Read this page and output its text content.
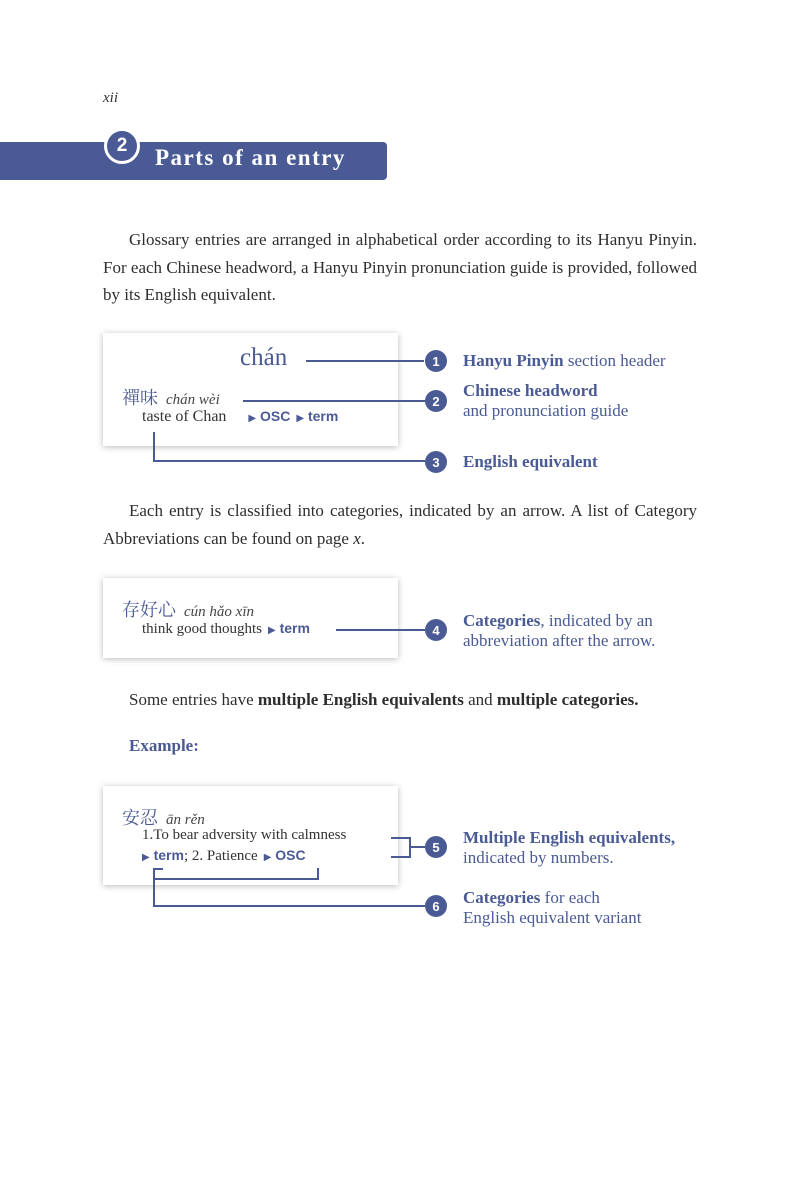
xii
Parts of an entry
2
Glossary entries are arranged in alphabetical order according to its Hanyu Pinyin. For each Chinese headword, a Hanyu Pinyin pronunciation guide is provided, followed by its English equivalent.
chán
禪味 chán wèi
taste of Chan ▶ OSC ▶ term
1	Hanyu Pinyin section header
2
Chinese headword
and pronunciation guide
3	English equivalent
Each entry is classified into categories, indicated by an arrow. A list of Category Abbreviations can be found on page x.
存好心 cún hǎo xīn
think good thoughts ▶ term	4	Categories, indicated by an
abbreviation after the arrow.
Some entries have multiple English equivalents and multiple categories.
Example:
安忍 ān rěn
1.To bear adversity with calmness
▶ term; 2. Patience ▶ OSC	5	Multiple English equivalents,
indicated by numbers.
6	Categories for each
English equivalent variant
